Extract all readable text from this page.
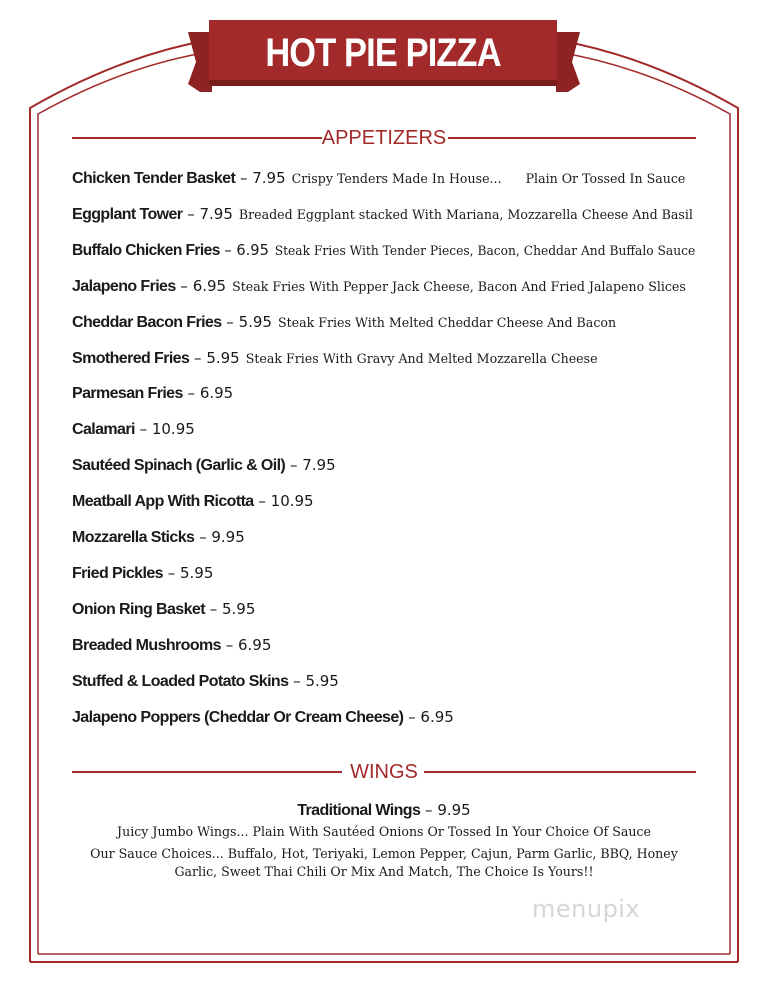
HOT PIE PIZZA
APPETIZERS
Chicken Tender Basket – 7.95 Crispy Tenders Made In House...      Plain Or Tossed In Sauce
Eggplant Tower – 7.95 Breaded Eggplant stacked With Mariana, Mozzarella Cheese And Basil
Buffalo Chicken Fries – 6.95 Steak Fries With Tender Pieces, Bacon, Cheddar And Buffalo Sauce
Jalapeno Fries – 6.95 Steak Fries With Pepper Jack Cheese, Bacon And Fried Jalapeno Slices
Cheddar Bacon Fries – 5.95 Steak Fries With Melted Cheddar Cheese And Bacon
Smothered Fries – 5.95 Steak Fries With Gravy And Melted Mozzarella Cheese
Parmesan Fries – 6.95
Calamari – 10.95
Sautéed Spinach (Garlic & Oil) – 7.95
Meatball App With Ricotta – 10.95
Mozzarella Sticks – 9.95
Fried Pickles – 5.95
Onion Ring Basket – 5.95
Breaded Mushrooms – 6.95
Stuffed & Loaded Potato Skins – 5.95
Jalapeno Poppers (Cheddar Or Cream Cheese) – 6.95
WINGS
Traditional Wings – 9.95
Juicy Jumbo Wings... Plain With Sautéed Onions Or Tossed In Your Choice Of Sauce
Our Sauce Choices... Buffalo, Hot, Teriyaki, Lemon Pepper, Cajun, Parm Garlic, BBQ, Honey
Garlic, Sweet Thai Chili Or Mix And Match, The Choice Is Yours!!
menupix
